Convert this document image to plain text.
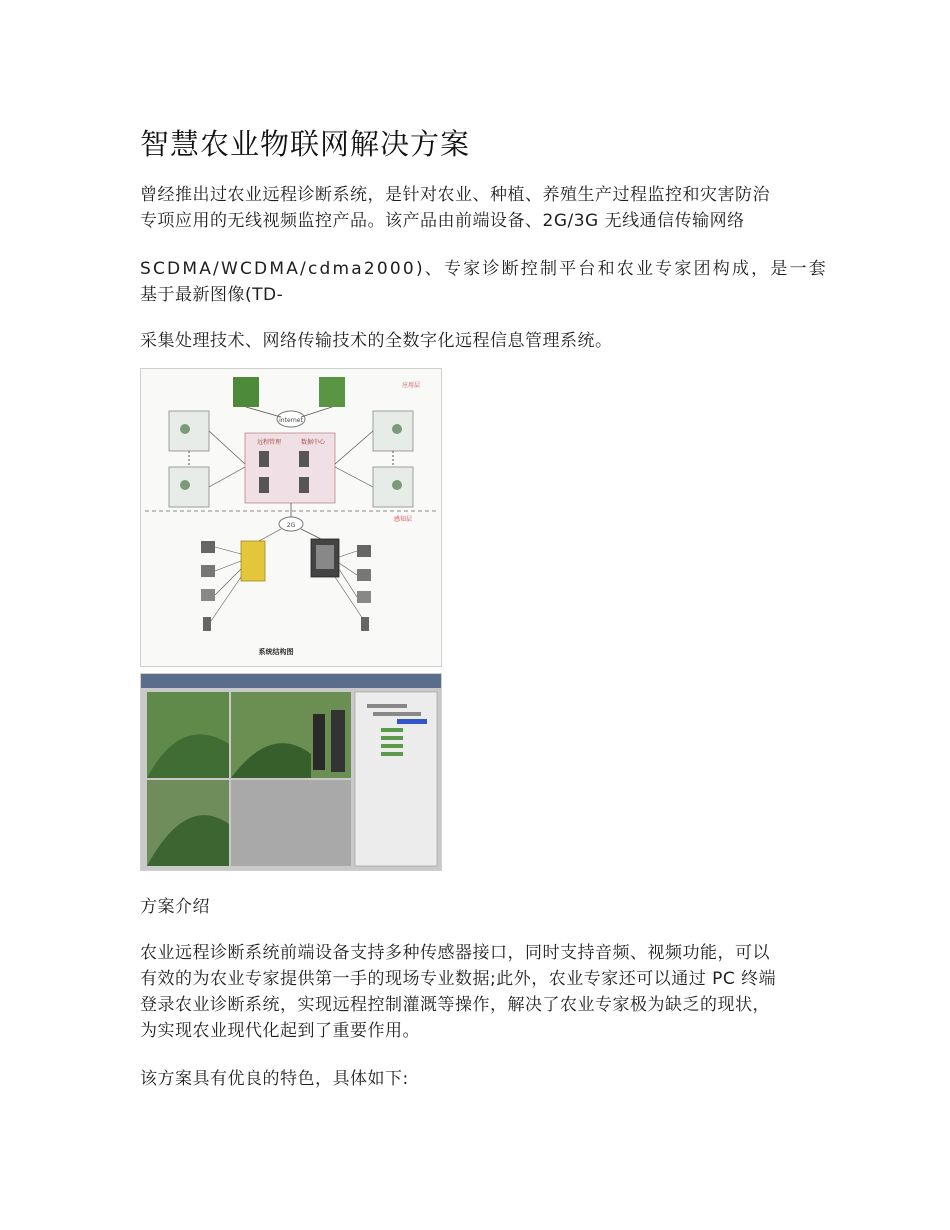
智慧农业物联网解决方案
曾经推出过农业远程诊断系统，是针对农业、种植、养殖生产过程监控和灾害防治
专项应用的无线视频监控产品。该产品由前端设备、2G/3G 无线通信传输网络
SCDMA/WCDMA/cdma2000)、专家诊断控制平台和农业专家团构成，是一套
基于最新图像(TD-
采集处理技术、网络传输技术的全数字化远程信息管理系统。
internet
应用层
远程管理	数据中心
感知层
2G
系统结构图
方案介绍
农业远程诊断系统前端设备支持多种传感器接口，同时支持音频、视频功能，可以
有效的为农业专家提供第一手的现场专业数据;此外，农业专家还可以通过 PC 终端
登录农业诊断系统，实现远程控制灌溉等操作，解决了农业专家极为缺乏的现状，
为实现农业现代化起到了重要作用。
该方案具有优良的特色，具体如下:
